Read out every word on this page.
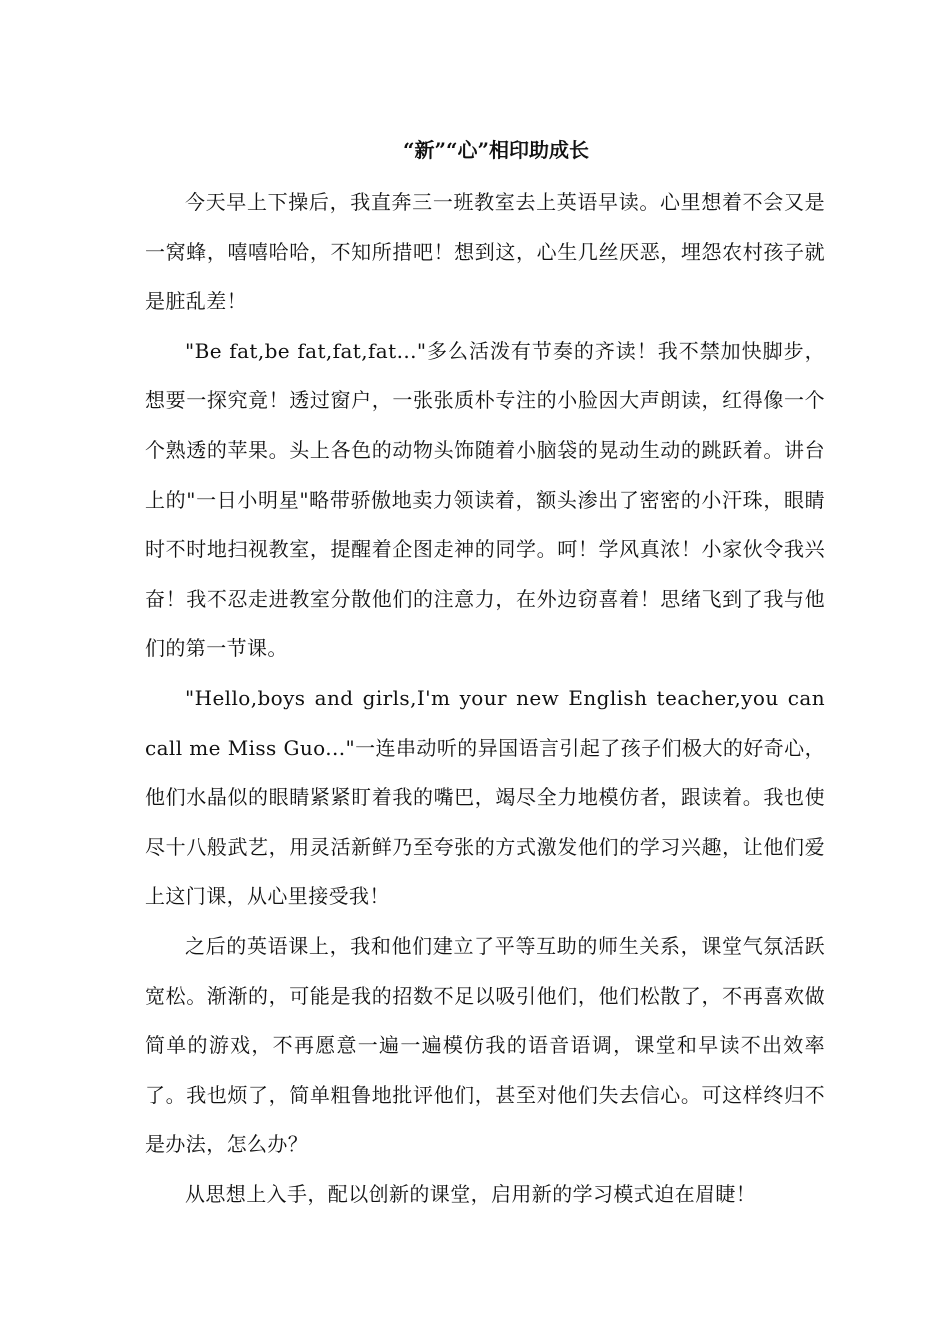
“新”“心”相印助成长

今天早上下操后，我直奔三一班教室去上英语早读。心里想着不会又是一窝蜂，嘻嘻哈哈，不知所措吧！想到这，心生几丝厌恶，埋怨农村孩子就是脏乱差！

"Be fat,be fat,fat,fat..."多么活泼有节奏的齐读！我不禁加快脚步，想要一探究竟！透过窗户，一张张质朴专注的小脸因大声朗读，红得像一个个熟透的苹果。头上各色的动物头饰随着小脑袋的晃动生动的跳跃着。讲台上的"一日小明星"略带骄傲地卖力领读着，额头渗出了密密的小汗珠，眼睛时不时地扫视教室，提醒着企图走神的同学。呵！学风真浓！小家伙令我兴奋！我不忍走进教室分散他们的注意力，在外边窃喜着！思绪飞到了我与他们的第一节课。

"Hello,boys and girls,I'm your new English teacher,you can call me Miss Guo..."一连串动听的异国语言引起了孩子们极大的好奇心，他们水晶似的眼睛紧紧盯着我的嘴巴，竭尽全力地模仿者，跟读着。我也使尽十八般武艺，用灵活新鲜乃至夸张的方式激发他们的学习兴趣，让他们爱上这门课，从心里接受我！

之后的英语课上，我和他们建立了平等互助的师生关系，课堂气氛活跃宽松。渐渐的，可能是我的招数不足以吸引他们，他们松散了，不再喜欢做简单的游戏，不再愿意一遍一遍模仿我的语音语调，课堂和早读不出效率了。我也烦了，简单粗鲁地批评他们，甚至对他们失去信心。可这样终归不是办法，怎么办？

从思想上入手，配以创新的课堂，启用新的学习模式迫在眉睫！
